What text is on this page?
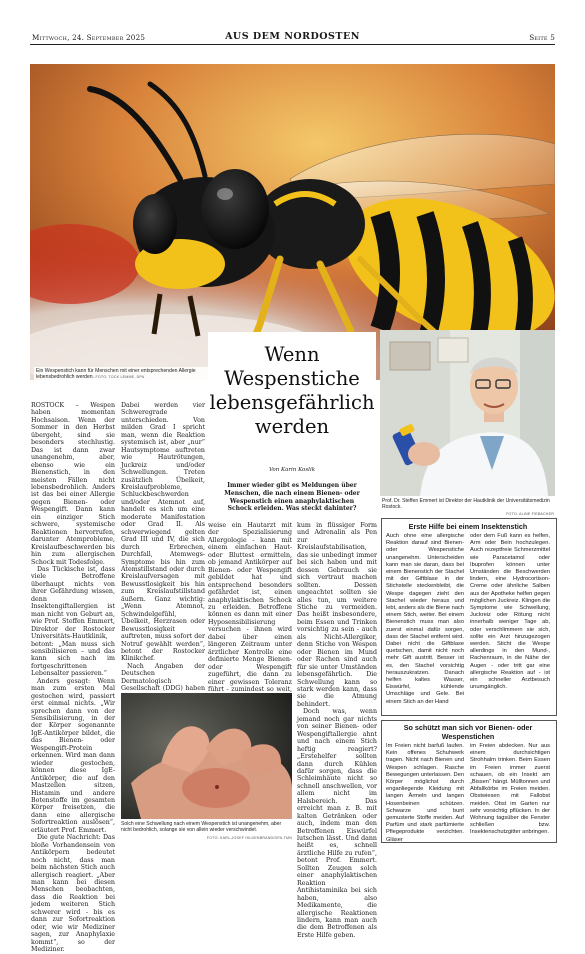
Mittwoch, 24. September 2025	AUS DEM NORDOSTEN	Seite 5
Ein Wespenstich kann für Menschen mit einer entsprechenden Allergie lebensbedrohlich werden. FOTO: TOCK LEMME, DPA
Wenn
Wespenstiche
lebensgefährlich
werden
Von Karin Koslik
Immer wieder gibt es Meldungen über Menschen, die nach einem Bienen- oder Wespenstich einen anaphylaktischen Schock erleiden. Was steckt dahinter?
Prof. Dr. Steffen Emmert ist Direktor der Hautklinik der Universitätsmedizin Rostock.
FOTO: ALINE FIEBACHER

ROSTOCK – Wespen haben momentan Hochsaison. Wenn der Sommer in den Herbst übergeht, sind sie besonders stechlustig. Das ist dann zwar unangenehm, aber, ebenso wie ein Bienenstich, in den meisten Fällen nicht lebensbedrohlich. Anders ist das bei einer Allergie gegen Bienen- oder Wespengift. Dann kann ein einziger Stich schwere, systemische Reaktionen hervorrufen, darunter Atemprobleme, Kreislaufbeschwerden bis hin zum allergischen Schock mit Todesfolge.

Das Tückische ist, dass viele Betroffene überhaupt nichts von ihrer Gefährdung wissen, denn Insektengiftallergien ist man nicht von Geburt an, wie Prof. Steffen Emmert, Direktor der Rostocker Universitäts-Hautklinik, betont: „Man muss sich sensibilisieren – und das kann sich nach im fortgeschrittenen Lebensalter passieren.“

Anders gesagt: Wenn man zum ersten Mal gestochen wird, passiert erst einmal nichts. „Wir sprechen dann von der Sensibilisierung, in der der Körper sogenannte IgE-Antikörper bildet, die das Bienen- oder Wespengift-Protein erkennen. Wird man dann wieder gestochen, können diese IgE-Antikörper, die auf den Mastzellen sitzen, Histamin und andere Botenstoffe im gesamten Körper freisetzen, die dann eine allergische Sofortreaktion auslösen“, erläutert Prof. Emmert.

Die gute Nachricht: Das bloße Vorhandensein von Antikörpern bedeutet noch nicht, dass man beim nächsten Stich auch allergisch reagiert. „Aber man kann bei diesen Menschen beobachten, dass die Reaktion bei jedem weiteren Stich schwerer wird - bis es dann zur Sofortreaktion oder, wie wir Mediziner sagen, zur Anaphylaxie kommt“, so der Mediziner.

Dabei werden vier Schweregrade unterschieden. Von milden Grad I spricht man, wenn die Reaktion systemisch ist, aber „nur“ Hautsymptome auftreten wie Hautrötungen, Juckreiz und/oder Schwellungen. Treten zusätzlich Übelkeit, Kreislaufprobleme, Schluckbeschwerden und/oder Atemnot auf, handelt es sich um eine moderate Manifestation oder Grad II. Als schwerwiegend gelten Grad III und IV, die sich durch Erbrechen, Durchfall, Atemwegs-Symptome bis hin zum Atemstillstand oder durch Kreislaufversagen mit Bewusstlosigkeit bis hin zum Kreislaufstillstand äußern. Ganz wichtig: „Wenn Atemnot, Schwindelgefühl, Übelkeit, Herzrasen oder Bewusstlosigkeit auftreten, muss sofort der Notruf gewählt werden“, betont der Rostocker Klinikchef.

Nach Angaben der Deutschen Dermatologisch Gesellschaft (DDG) haben

weise ein Hautarzt mit der Spezialisierung Allergologie - kann mit einem einfachen Haut- oder Bluttest ermitteln, ob jemand Antikörper auf Bienen- oder Wespengift gebildet hat und entsprechend besonders gefährdet ist, einen anaphylaktischen Schock zu erleiden. Betroffene können es dann mit einer Hyposensibilisierung versuchen - ihnen wird dabei über einen längeren Zeitraum unter ärztlicher Kontrolle eine definierte Menge Bienen- oder Wespengift zugeführt, die dann zu einer gewissen Toleranz führt - zumindest so weit,

kum in flüssiger Form und Adrenalin als Pen zur Kreislaufstabilisation, das sie unbedingt immer bei sich haben und mit dessen Gebrauch sie sich vertraut machen sollten. Dessen ungeachtet sollten sie alles tun, um weitere Stiche zu vermeiden. Das heißt insbesondere, beim Essen und Trinken vorsichtig zu sein - auch als Nicht-Allergiker, denn Stiche von Wespen oder Bienen im Mund oder Rachen sind auch für sie unter Umständen lebensgefährlich. Die Schwellung kann so stark werden kann, dass sie die Atmung behindert.

Doch was, wenn jemand noch gar nichts von seiner Bienen- oder Wespengiftallergie ahnt und nach einem Stich heftig reagiert? „Erstehelfer sollten dann durch Kühlen dafür sorgen, dass die Schleimhäute nicht so schnell anschwellen, vor allem nicht im Halsbereich. Das erreicht man z. B. mit kalten Getränken oder auch, indem man den Betroffenen Eiswürfel lutschen lässt. Und dann heißt es, schnell ärztliche Hilfe zu rufen“, betont Prof. Emmert. Sollten Zeugen solch einer anaphylaktischen Reaktion Antihistaminika bei sich haben, also Medikamente, die allergische Reaktionen lindern, kann man auch die dem Betroffenen als Erste Hilfe geben.

Solch eine Schwellung nach einem Wespenstich ist unangenehm, aber nicht bedrohlich, solange sie von allein wieder verschwindet.
FOTO: KARL-JOSEF HILDENBRAND/DPA-TMN
Erste Hilfe bei einem Insektenstich
Auch ohne eine allergische Reaktion darauf sind Bienen- oder Wespenstiche unangenehm. Unterscheiden kann man sie daran, dass bei einem Bienenstich der Stachel mit der Giftblase in der Stichstelle steckenbleibt, die Wespe dagegen zieht den Stachel wieder heraus und lebt, anders als die Biene nach einem Stich, weiter. Bei einem Bienenstich muss man also zuerst einmal dafür sorgen, dass der Stachel entfernt wird. Dabei nicht die Giftblase quetschen, damit nicht noch mehr Gift austritt. Besser ist es, den Stachel vorsichtig herauszukratzen. Danach helfen kaltes Wasser, Eiswürfel, kühlende Umschläge und Gele. Bei einem Stich an der Hand
oder dem Fuß kann es helfen, Arm oder Bein hochzulegen. Auch rezeptfreie Schmerzmittel wie Paracetamol oder Ibuprofen können unter Umständen die Beschwerden lindern, eine Hydrocortison-Creme oder ähnliche Salben aus der Apotheke helfen gegen möglichen Juckreiz. Klingen die Symptome wie Schwellung, Juckreiz oder Rötung nicht innerhalb weniger Tage ab, oder verschlimmern sie sich, sollte ein Arzt hinzugezogen werden. Sticht die Wespe allerdings in den Mund-, Rachenraum, in die Nähe der Augen - oder tritt gar eine allergische Reaktion auf - ist ein schneller Arztbesuch unumgänglich.
So schützt man sich vor Bienen- oder Wespenstichen
Im Freien nicht barfuß laufen. Kein offenes Schuhwerk tragen. Nicht nach Bienen und Wespen schlagen. Rasche Bewegungen unterlassen. Den Körper möglichst durch enganliegende Kleidung mit langen Ärmeln und langen Hosenbeinen schützen. Schwarze und bunt gemusterte Stoffe meiden. Auf Parfüm und stark parfümierte Pflegeprodukte verzichten. Gläser
im Freien abdecken. Nur aus einem durchsichtigen Strohhalm trinken. Beim Essen im Freien immer zuerst schauen, ob ein Insekt am „Bissen“ hängt. Mülltonnen und Abfallkörbe im Freien meiden. Obstwiesen mit Fallobst meiden. Obst im Garten nur sehr vorsichtig pflücken. In der Wohnung tagsüber die Fenster schließen bzw. Insektenschutzgitter anbringen.
